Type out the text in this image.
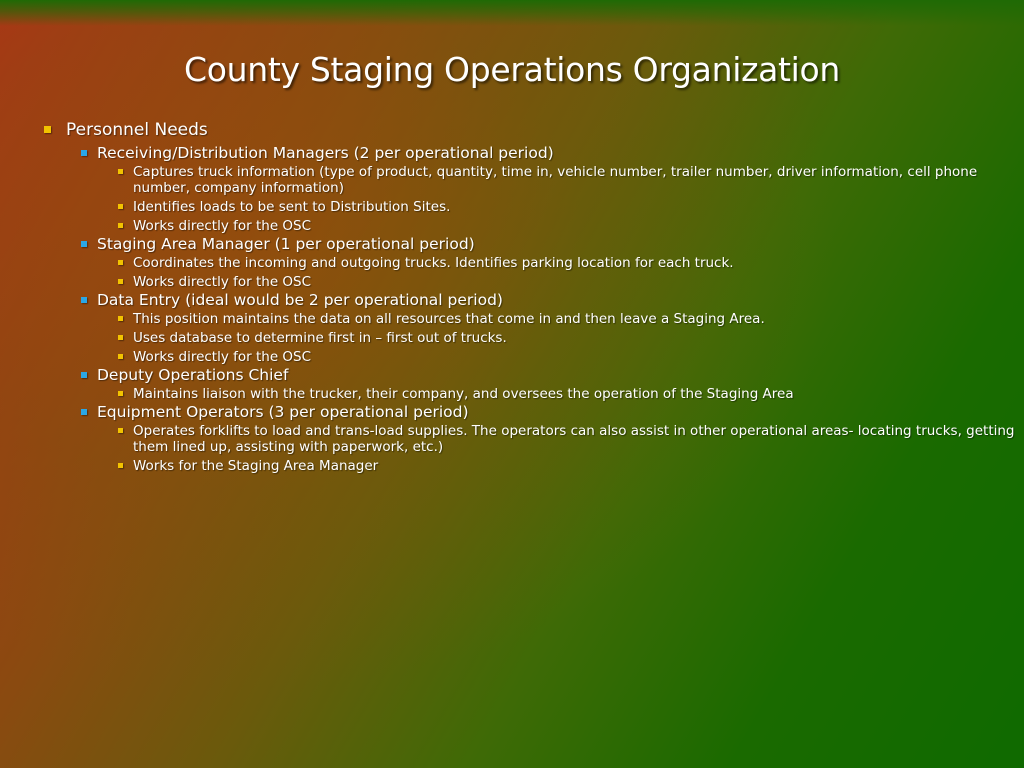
County Staging Operations Organization
Personnel Needs
Receiving/Distribution Managers (2 per operational period)
Captures truck information (type of product, quantity, time in, vehicle number, trailer number, driver information, cell phone number, company information)
Identifies loads to be sent to Distribution Sites.
Works directly for the OSC
Staging Area Manager (1 per operational period)
Coordinates the incoming and outgoing trucks. Identifies parking location for each truck.
Works directly for the OSC
Data Entry (ideal would be 2 per operational period)
This position maintains the data on all resources that come in and then leave a Staging Area.
Uses database to determine first in – first out of trucks.
Works directly for the OSC
Deputy Operations Chief
Maintains liaison with the trucker, their company, and oversees the operation of the Staging Area
Equipment Operators (3 per operational period)
Operates forklifts to load and trans-load supplies. The operators can also assist in other operational areas- locating trucks, getting them lined up, assisting with paperwork, etc.)
Works for the Staging Area Manager
